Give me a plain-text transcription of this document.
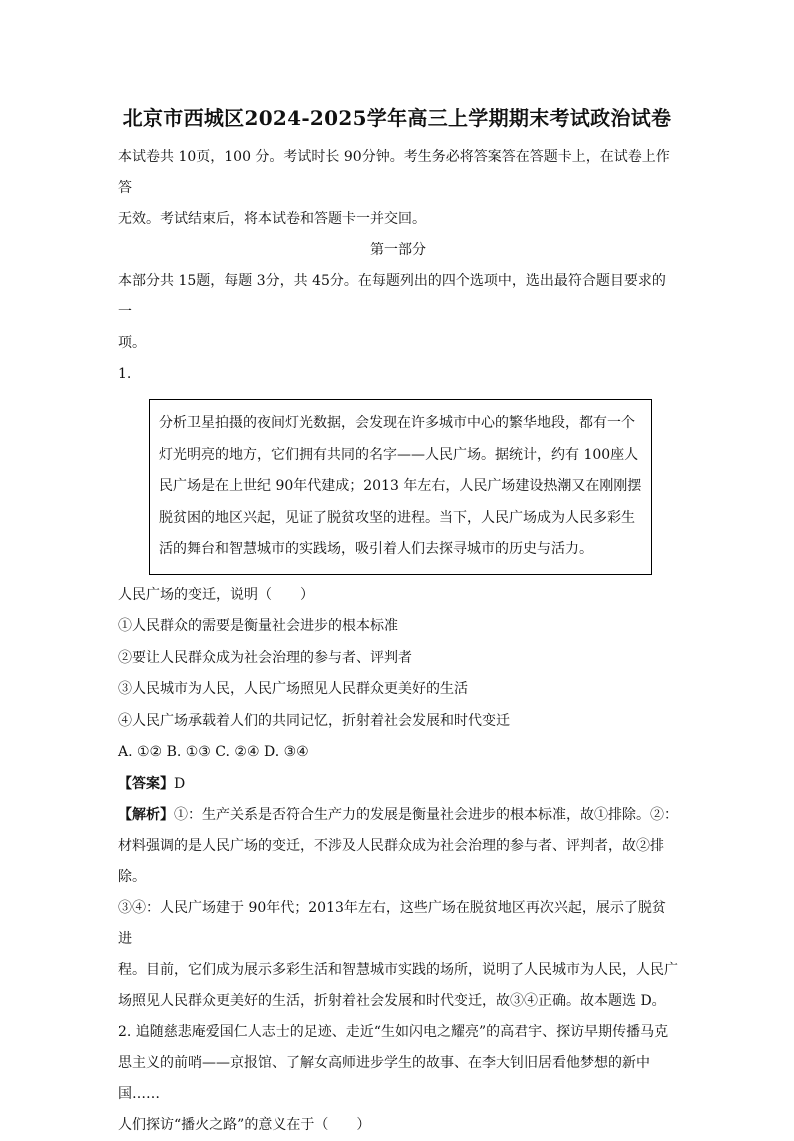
北京市西城区2024-2025学年高三上学期期末考试政治试卷

本试卷共 10页，100 分。考试时长 90分钟。考生务必将答案答在答题卡上，在试卷上作答

无效。考试结束后，将本试卷和答题卡一并交回。

第一部分

本部分共 15题，每题 3分，共 45分。在每题列出的四个选项中，选出最符合题目要求的一

项。

1.

分析卫星拍摄的夜间灯光数据，会发现在许多城市中心的繁华地段，都有一个
灯光明亮的地方，它们拥有共同的名字——人民广场。据统计，约有 100座人
民广场是在上世纪 90年代建成；2013 年左右，人民广场建设热潮又在刚刚摆
脱贫困的地区兴起，见证了脱贫攻坚的进程。当下，人民广场成为人民多彩生
活的舞台和智慧城市的实践场，吸引着人们去探寻城市的历史与活力。

人民广场的变迁，说明（　　）

①人民群众的需要是衡量社会进步的根本标准

②要让人民群众成为社会治理的参与者、评判者

③人民城市为人民，人民广场照见人民群众更美好的生活

④人民广场承载着人们的共同记忆，折射着社会发展和时代变迁

A. ①② B. ①③ C. ②④ D. ③④

【答案】D

【解析】①：生产关系是否符合生产力的发展是衡量社会进步的根本标准，故①排除。②：

材料强调的是人民广场的变迁，不涉及人民群众成为社会治理的参与者、评判者，故②排除。

③④：人民广场建于 90年代；2013年左右，这些广场在脱贫地区再次兴起，展示了脱贫进

程。目前，它们成为展示多彩生活和智慧城市实践的场所，说明了人民城市为人民，人民广

场照见人民群众更美好的生活，折射着社会发展和时代变迁，故③④正确。故本题选 D。

2. 追随慈悲庵爱国仁人志士的足迹、走近“生如闪电之耀亮”的高君宇、探访早期传播马克

思主义的前哨——京报馆、了解女高师进步学生的故事、在李大钊旧居看他梦想的新中国……

人们探访“播火之路”的意义在于（　　）
